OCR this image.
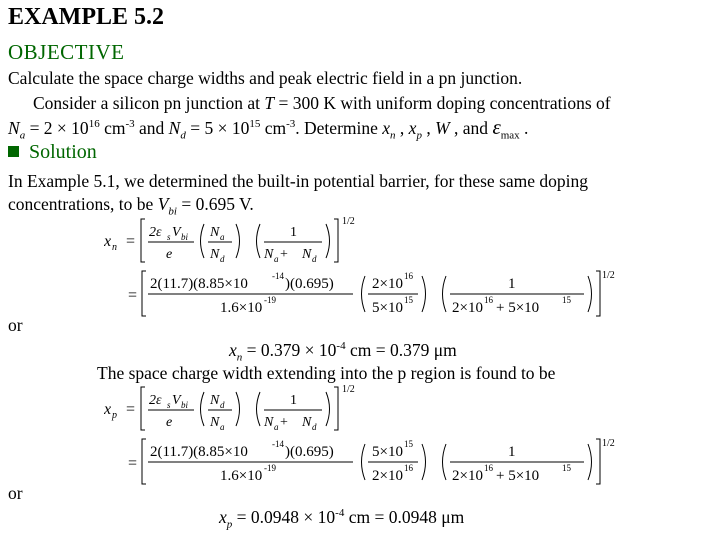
EXAMPLE 5.2
OBJECTIVE
Calculate the space charge widths and peak electric field in a pn junction.
Consider a silicon pn junction at T = 300 K with uniform doping concentrations of
$N_a = 2 \times 10^{16}$ $cm^{-3}$ and $N_d = 5 \times 10^{15}$ $cm^{-3}$. Determine $x_n$ , $x_p$ , W , and $\varepsilon_{max}$ .
Solution
In Example 5.1, we determined the built-in potential barrier, for these same doping
concentrations, to be $V_{bi} = 0.695$ V.
x n =
2ε s V bi
e
N a
N d
1
N a + N d
1/2
=
2(11.7)(8.85×10	-14 )(0.695)
1.6×10 -19
2×10 16
5×10 15
1
2×10 16 + 5×10	15
1/2
or
$x_n = 0.379 \times 10^{-4}$ cm = 0.379 μm
The space charge width extending into the p region is found to be
x p =
2ε s V bi
e
N d
N a
1
N a + N d
1/2
=
2(11.7)(8.85×10	-14 )(0.695)
1.6×10 -19
5×10 15
2×10 16
1
2×10 16 + 5×10	15
1/2
or
$x_p = 0.0948 \times 10^{-4}$ cm = 0.0948 μm
